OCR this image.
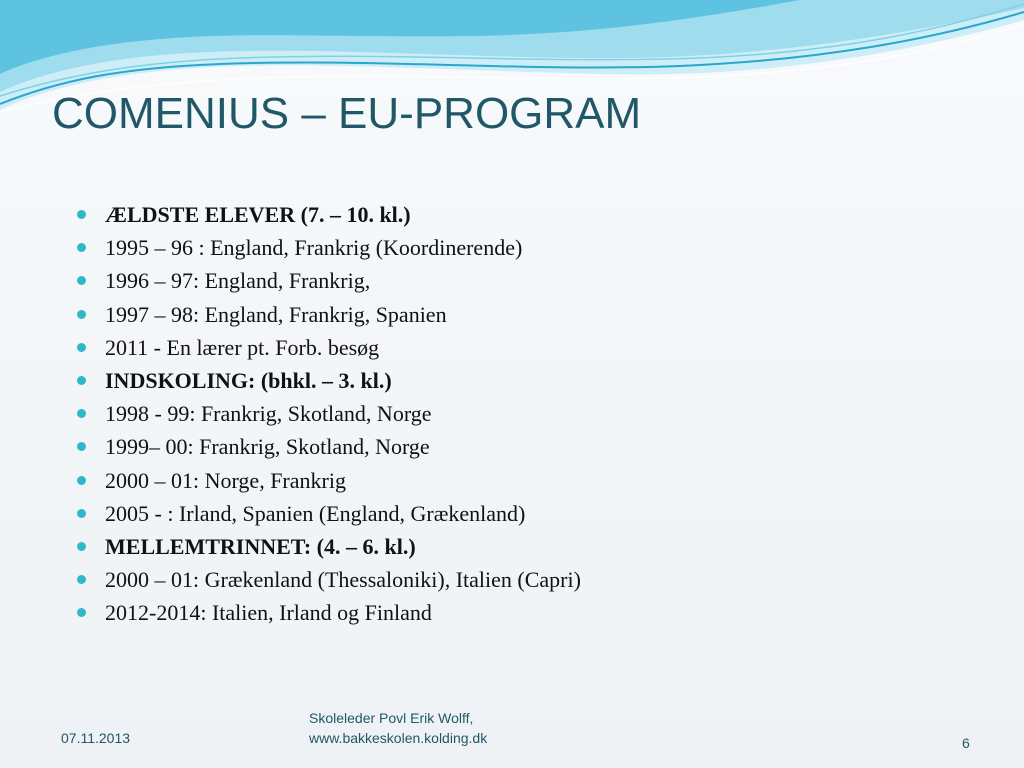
COMENIUS – EU-PROGRAM
ÆLDSTE ELEVER (7. – 10. kl.)
1995 – 96 : England, Frankrig (Koordinerende)
1996 – 97: England, Frankrig,
1997 – 98: England, Frankrig, Spanien
2011 - En lærer pt. Forb. besøg
INDSKOLING: (bhkl. – 3. kl.)
1998 - 99: Frankrig, Skotland, Norge
1999– 00: Frankrig, Skotland, Norge
2000 – 01: Norge, Frankrig
2005 - : Irland, Spanien (England, Grækenland)
MELLEMTRINNET: (4. – 6. kl.)
2000 – 01: Grækenland (Thessaloniki), Italien (Capri)
2012-2014: Italien, Irland og Finland
07.11.2013
Skoleleder Povl Erik Wolff,
www.bakkeskolen.kolding.dk	6
